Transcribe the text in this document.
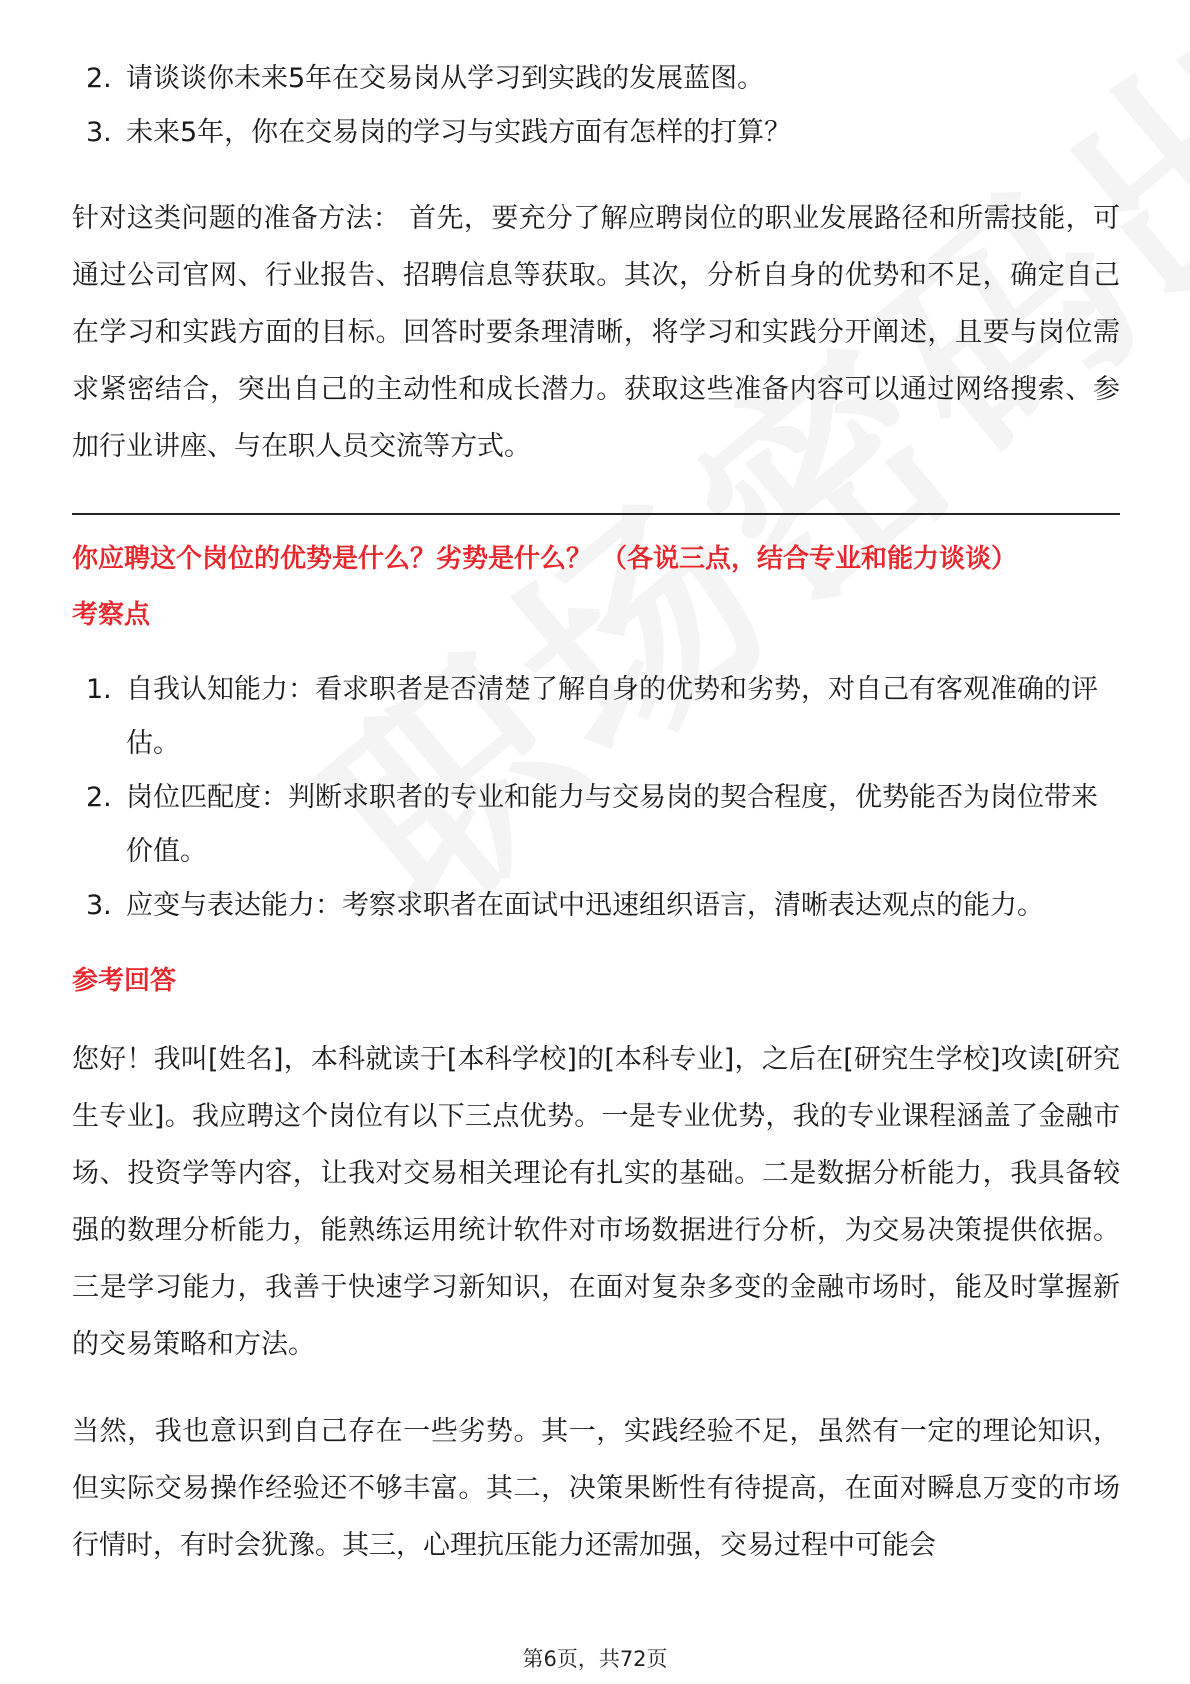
2. 请谈谈你未来5年在交易岗从学习到实践的发展蓝图。
3. 未来5年，你在交易岗的学习与实践方面有怎样的打算？

针对这类问题的准备方法： 首先，要充分了解应聘岗位的职业发展路径和所需技能，可通过公司官网、行业报告、招聘信息等获取。其次，分析自身的优势和不足，确定自己在学习和实践方面的目标。回答时要条理清晰，将学习和实践分开阐述，且要与岗位需求紧密结合，突出自己的主动性和成长潜力。获取这些准备内容可以通过网络搜索、参加行业讲座、与在职人员交流等方式。

你应聘这个岗位的优势是什么？劣势是什么？ （各说三点，结合专业和能力谈谈）

考察点

1. 自我认知能力：看求职者是否清楚了解自身的优势和劣势，对自己有客观准确的评估。
2. 岗位匹配度：判断求职者的专业和能力与交易岗的契合程度，优势能否为岗位带来价值。
3. 应变与表达能力：考察求职者在面试中迅速组织语言，清晰表达观点的能力。

参考回答

您好！我叫[姓名]，本科就读于[本科学校]的[本科专业]，之后在[研究生学校]攻读[研究生专业]。我应聘这个岗位有以下三点优势。一是专业优势，我的专业课程涵盖了金融市场、投资学等内容，让我对交易相关理论有扎实的基础。二是数据分析能力，我具备较强的数理分析能力，能熟练运用统计软件对市场数据进行分析，为交易决策提供依据。三是学习能力，我善于快速学习新知识，在面对复杂多变的金融市场时，能及时掌握新的交易策略和方法。

当然，我也意识到自己存在一些劣势。其一，实践经验不足，虽然有一定的理论知识，但实际交易操作经验还不够丰富。其二，决策果断性有待提高，在面对瞬息万变的市场行情时，有时会犹豫。其三，心理抗压能力还需加强，交易过程中可能会

第6页，共72页
